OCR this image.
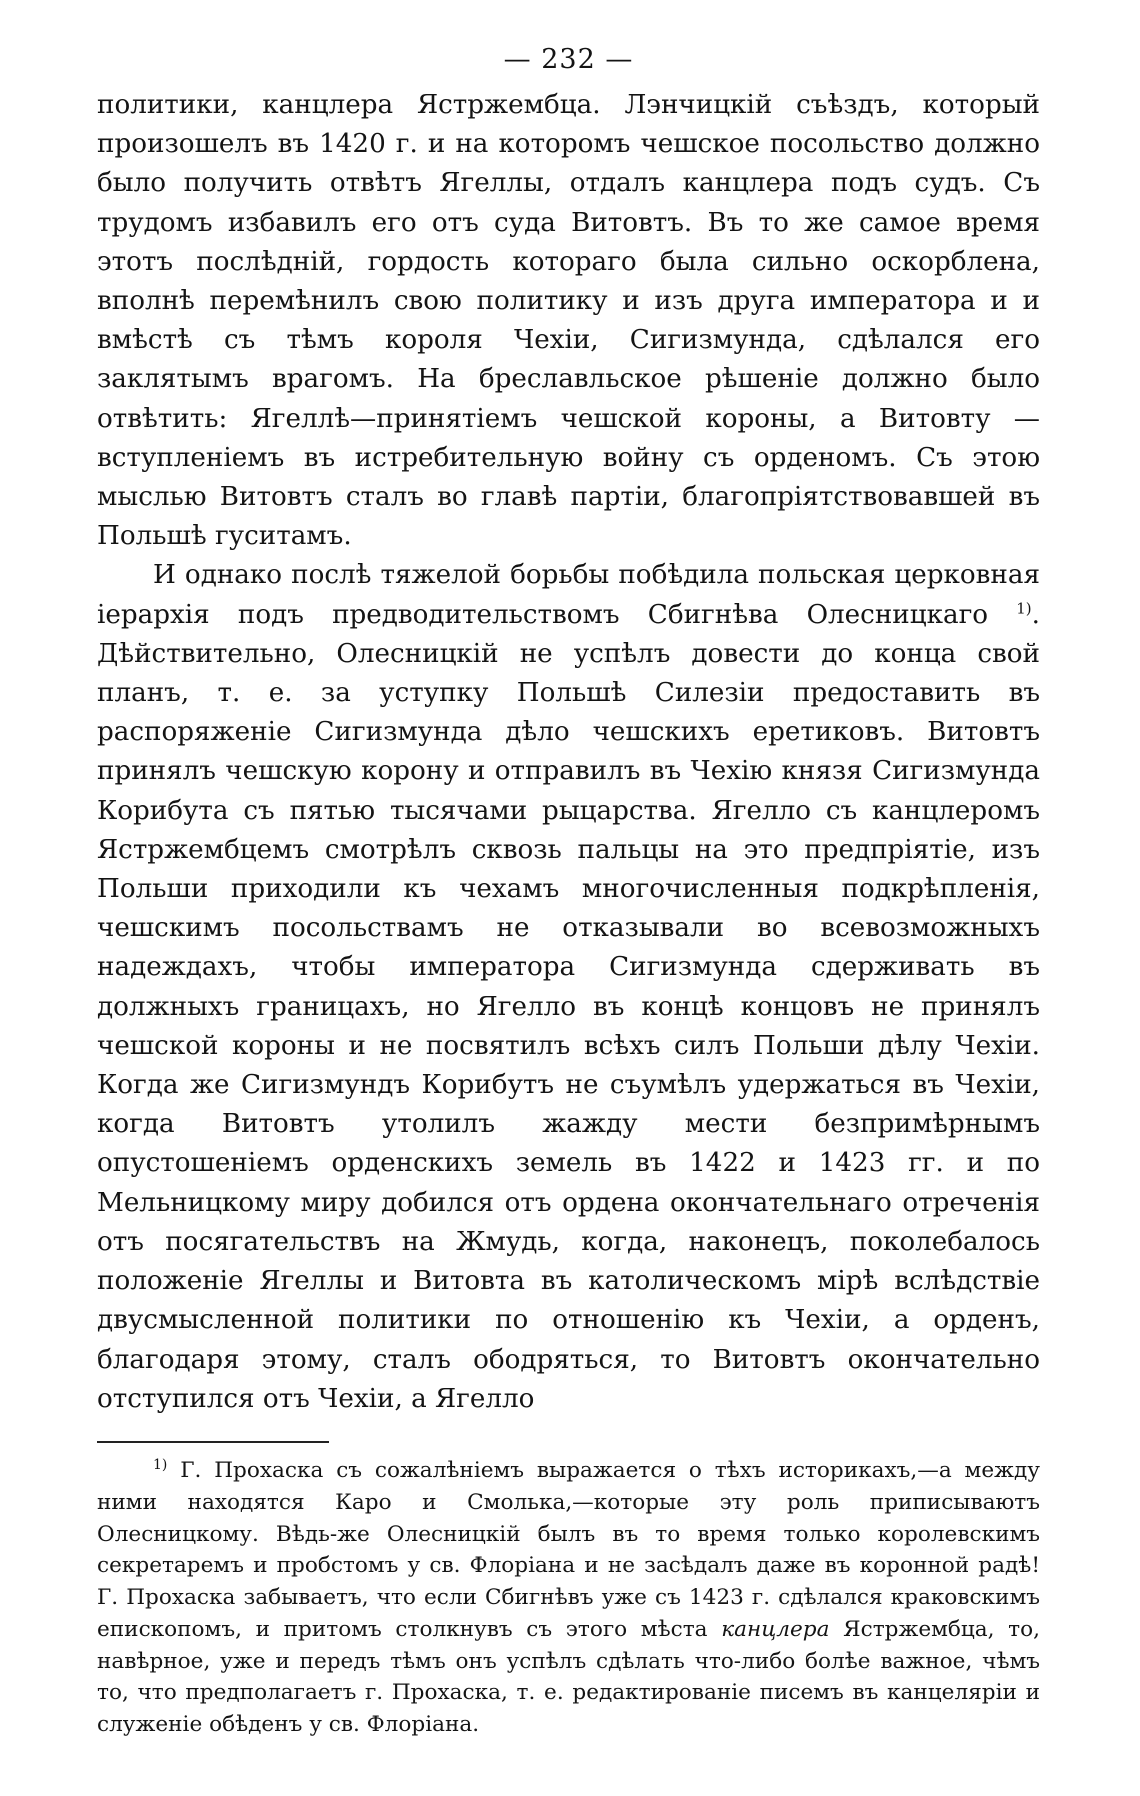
— 232 —

политики, канцлера Ястржембца. Лэнчицкій съѣздъ, который произошелъ въ 1420 г. и на которомъ чешское посольство должно было получить отвѣтъ Ягеллы, отдалъ канцлера подъ судъ. Съ трудомъ избавилъ его отъ суда Витовтъ. Въ то же самое время этотъ послѣдній, гордость котораго была сильно оскорблена, вполнѣ перемѣнилъ свою политику и изъ друга императора и и вмѣстѣ съ тѣмъ короля Чехіи, Сигизмунда, сдѣлался его заклятымъ врагомъ. На бреславльское рѣшеніе должно было отвѣтить: Ягеллѣ—принятіемъ чешской короны, а Витовту — вступленіемъ въ истребительную войну съ орденомъ. Съ этою мыслью Витовтъ сталъ во главѣ партіи, благопріятствовавшей въ Польшѣ гуситамъ.

И однако послѣ тяжелой борьбы побѣдила польская церковная іерархія подъ предводительствомъ Сбигнѣва Олесницкаго $^{1)}$. Дѣйствительно, Олесницкій не успѣлъ довести до конца свой планъ, т. е. за уступку Польшѣ Силезіи предоставить въ распоряженіе Сигизмунда дѣло чешскихъ еретиковъ. Витовтъ принялъ чешскую корону и отправилъ въ Чехію князя Сигизмунда Корибута съ пятью тысячами рыцарства. Ягелло съ канцлеромъ Ястржембцемъ смотрѣлъ сквозь пальцы на это предпріятіе, изъ Польши приходили къ чехамъ многочисленныя подкрѣпленія, чешскимъ посольствамъ не отказывали во всевозможныхъ надеждахъ, чтобы императора Сигизмунда сдерживать въ должныхъ границахъ, но Ягелло въ концѣ концовъ не принялъ чешской короны и не посвятилъ всѣхъ силъ Польши дѣлу Чехіи. Когда же Сигизмундъ Корибутъ не съумѣлъ удержаться въ Чехіи, когда Витовтъ утолилъ жажду мести безпримѣрнымъ опустошеніемъ орденскихъ земель въ 1422 и 1423 гг. и по Мельницкому миру добился отъ ордена окончательнаго отреченія отъ посягательствъ на Жмудь, когда, наконецъ, поколебалось положеніе Ягеллы и Витовта въ католическомъ мірѣ вслѣдствіе двусмысленной политики по отношенію къ Чехіи, а орденъ, благодаря этому, сталъ ободряться, то Витовтъ окончательно отступился отъ Чехіи, а Ягелло

$^{1)}$ Г. Прохаска съ сожалѣніемъ выражается о тѣхъ историкахъ,—а между ними находятся Каро и Смолька,—которые эту роль приписываютъ Олесницкому. Вѣдь-же Олесницкій былъ въ то время только королевскимъ секретаремъ и пробстомъ у св. Флоріана и не засѣдалъ даже въ коронной радѣ! Г. Прохаска забываетъ, что если Сбигнѣвъ уже съ 1423 г. сдѣлался краковскимъ епископомъ, и притомъ столкнувъ съ этого мѣста канцлера Ястржембца, то, навѣрное, уже и передъ тѣмъ онъ успѣлъ сдѣлать что-либо болѣе важное, чѣмъ то, что предполагаетъ г. Прохаска, т. е. редактированіе писемъ въ канцеляріи и служеніе обѣденъ у св. Флоріана.
